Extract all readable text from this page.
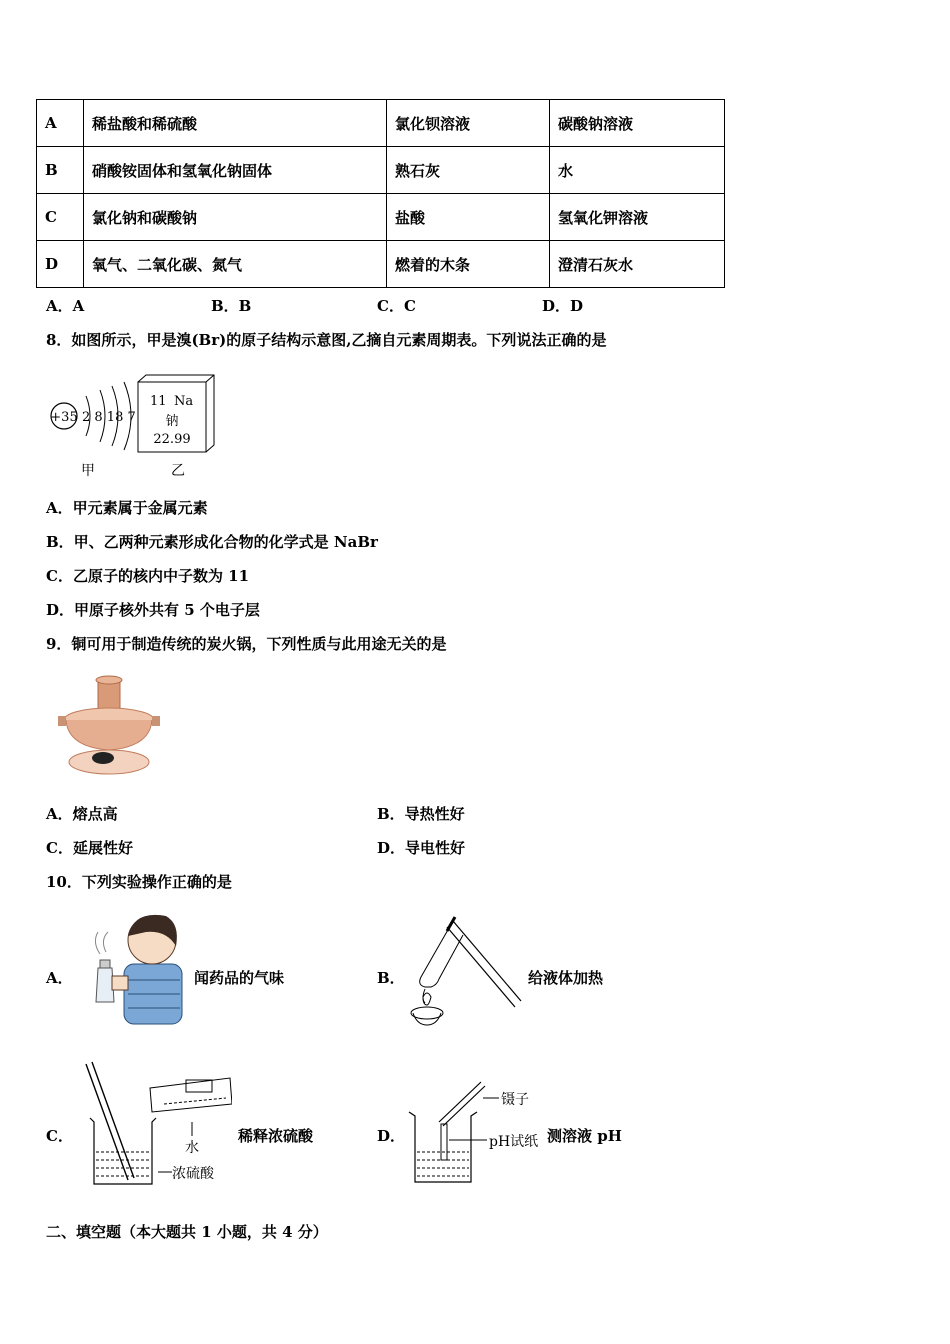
A	稀盐酸和稀硫酸	氯化钡溶液	碳酸钠溶液
B	硝酸铵固体和氢氧化钠固体	熟石灰	水
C	氯化钠和碳酸钠	盐酸	氢氧化钾溶液
D	氧气、二氧化碳、氮气	燃着的木条	澄清石灰水
A．A	B．B	C．C	D．D
8．如图所示，甲是溴(Br)的原子结构示意图,乙摘自元素周期表。下列说法正确的是
+35 2 8 18 7
甲
11 Na
钠
22.99
乙
A．甲元素属于金属元素
B．甲、乙两种元素形成化合物的化学式是 NaBr
C．乙原子的核内中子数为 11
D．甲原子核外共有 5 个电子层
9．铜可用于制造传统的炭火锅，下列性质与此用途无关的是
A．熔点高	B．导热性好
C．延展性好	D．导电性好
10．下列实验操作正确的是
A．	闻药品的气味	B．	给液体加热
C．
水
浓硫酸
稀释浓硫酸	D．
镊子
pH试纸 测溶液 pH
二、填空题（本大题共 1 小题，共 4 分）
